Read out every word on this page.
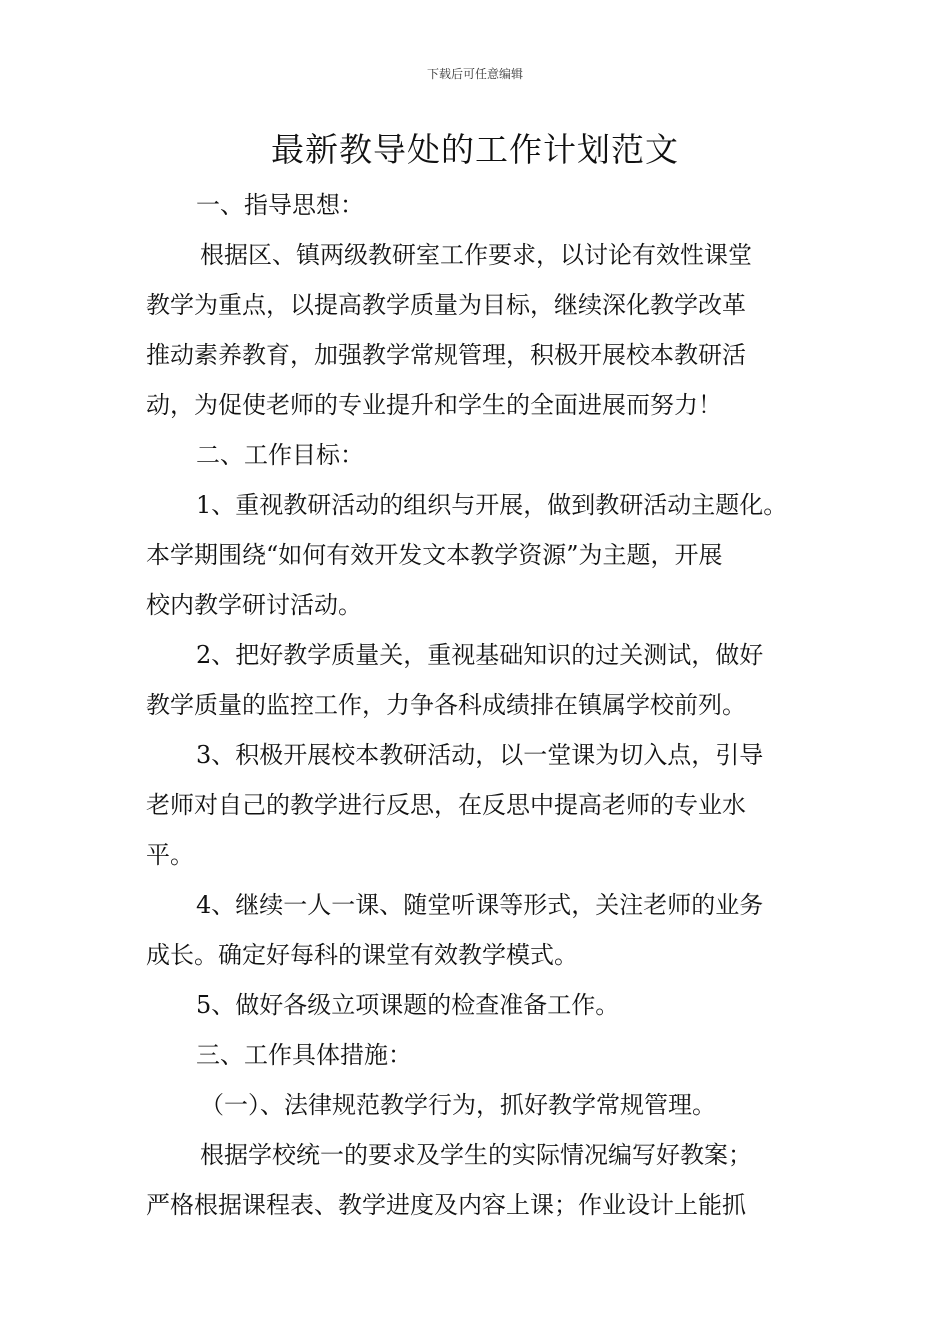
下载后可任意编辑
最新教导处的工作计划范文

一、指导思想：

根据区、镇两级教研室工作要求，以讨论有效性课堂

教学为重点，以提高教学质量为目标，继续深化教学改革

推动素养教育，加强教学常规管理，积极开展校本教研活

动，为促使老师的专业提升和学生的全面进展而努力！

二、工作目标：

1、重视教研活动的组织与开展，做到教研活动主题化。

本学期围绕“如何有效开发文本教学资源”为主题，开展

校内教学研讨活动。

2、把好教学质量关，重视基础知识的过关测试，做好

教学质量的监控工作，力争各科成绩排在镇属学校前列。

3、积极开展校本教研活动，以一堂课为切入点，引导

老师对自己的教学进行反思，在反思中提高老师的专业水

平。

4、继续一人一课、随堂听课等形式，关注老师的业务

成长。确定好每科的课堂有效教学模式。

5、做好各级立项课题的检查准备工作。

三、工作具体措施：

（一）、法律规范教学行为，抓好教学常规管理。

根据学校统一的要求及学生的实际情况编写好教案；

严格根据课程表、教学进度及内容上课；作业设计上能抓
